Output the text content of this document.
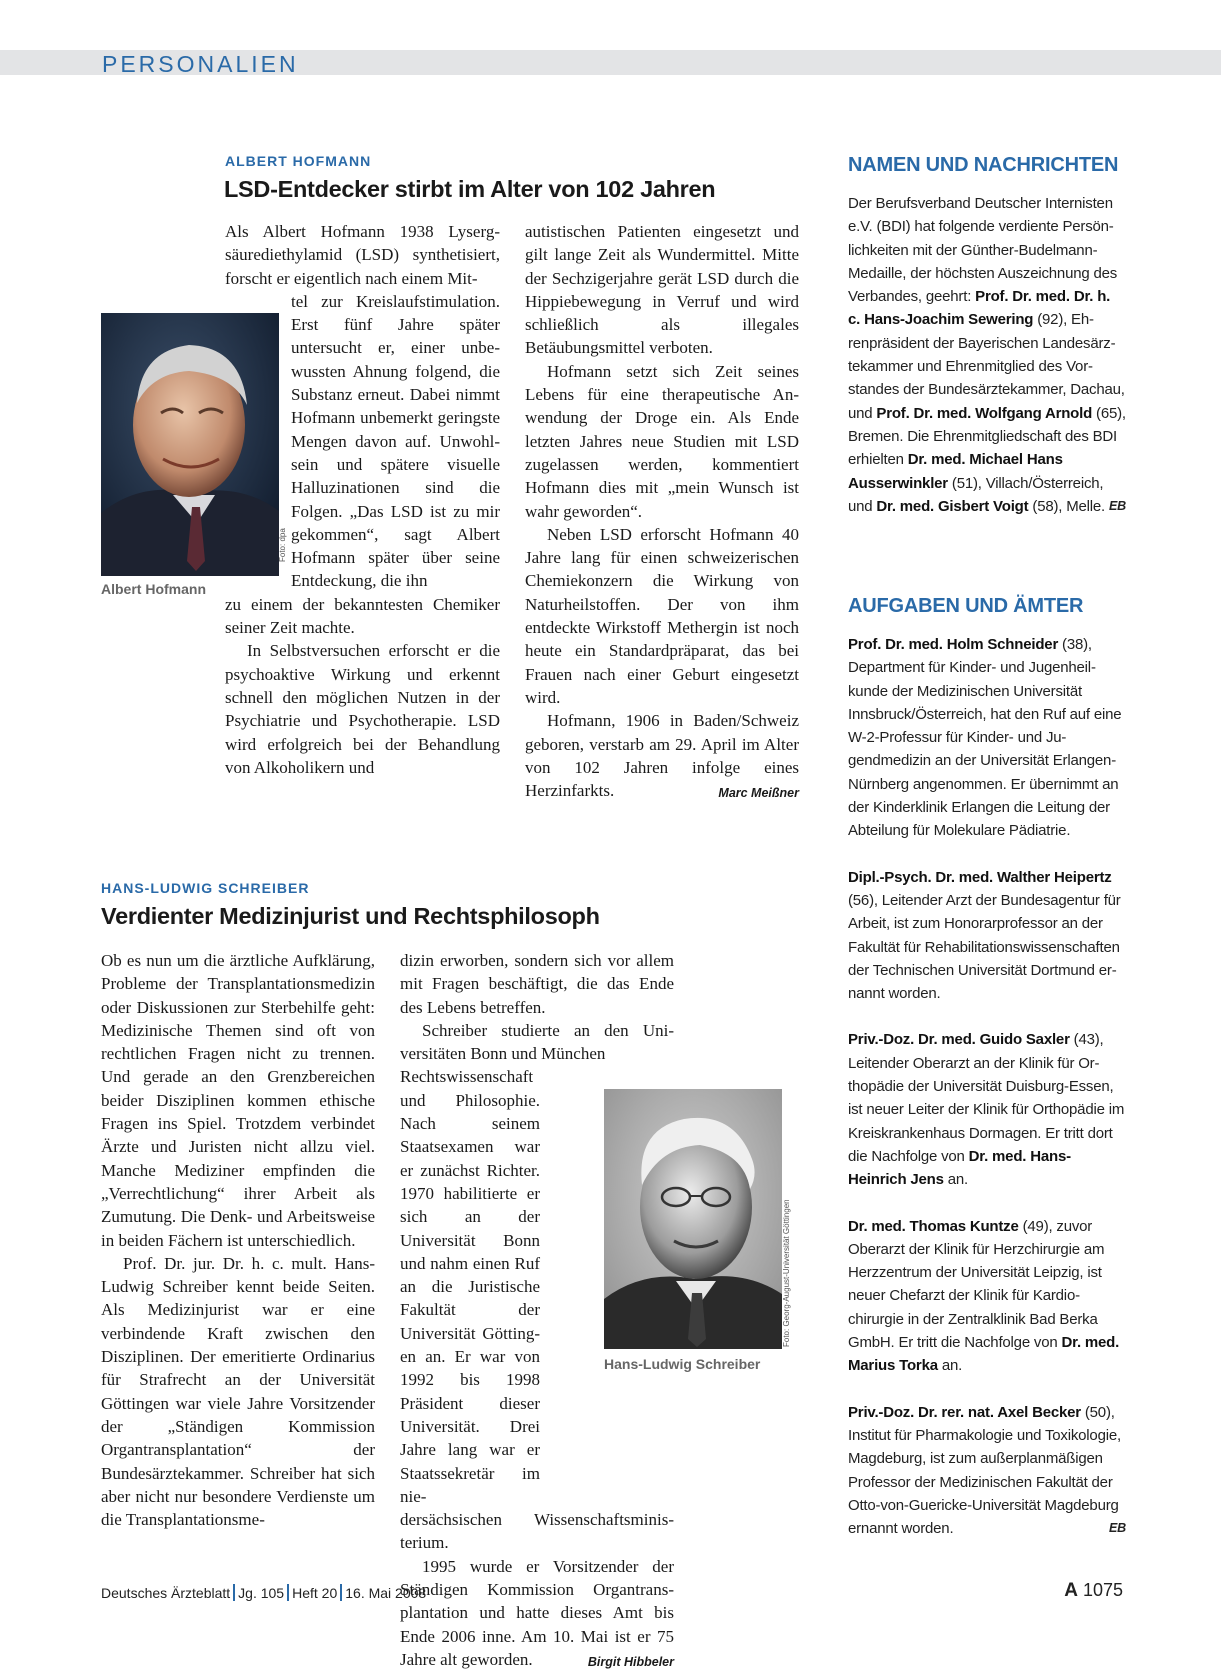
PERSONALIEN
ALBERT HOFMANN
LSD-Entdecker stirbt im Alter von 102 Jahren
Foto: dpa
Albert Hofmann

Als Albert Hofmann 1938 Lysergsäurediethylamid (LSD) synthetisiert, forscht er eigentlich nach einem Mit-

tel zur Kreislaufstimulation. Erst fünf Jahre später untersucht er, einer unbewussten Ahnung folgend, die Substanz erneut. Dabei nimmt Hofmann unbemerkt geringste Mengen davon auf. Unwohlsein und spätere visuelle Halluzinationen sind die Folgen. „Das LSD ist zu mir gekommen“, sagt Albert Hofmann später über seine Entdeckung, die ihn

zu einem der bekanntesten Chemiker seiner Zeit machte.

In Selbstversuchen erforscht er die psychoaktive Wirkung und erkennt schnell den möglichen Nutzen in der Psychiatrie und Psychotherapie. LSD wird erfolgreich bei der Behandlung von Alkoholikern und

autistischen Patienten eingesetzt und gilt lange Zeit als Wundermittel. Mitte der Sechzigerjahre gerät LSD durch die Hippiebewegung in Verruf und wird schließlich als illegales Betäubungsmittel verboten.

Hofmann setzt sich Zeit seines Lebens für eine therapeutische Anwendung der Droge ein. Als Ende letzten Jahres neue Studien mit LSD zugelassen werden, kommentiert Hofmann dies mit „mein Wunsch ist wahr geworden“.

Neben LSD erforscht Hofmann 40 Jahre lang für einen schweizerischen Chemiekonzern die Wirkung von Naturheilstoffen. Der von ihm entdeckte Wirkstoff Methergin ist noch heute ein Standardpräparat, das bei Frauen nach einer Geburt eingesetzt wird.

Hofmann, 1906 in Baden/Schweiz geboren, verstarb am 29. April im Alter von 102 Jahren infolge eines Herzinfarkts.	Marc Meißner

HANS-LUDWIG SCHREIBER
Verdienter Medizinjurist und Rechtsphilosoph

Ob es nun um die ärztliche Aufklärung, Probleme der Transplantationsmedizin oder Diskussionen zur Sterbehilfe geht: Medizinische Themen sind oft von rechtlichen Fragen nicht zu trennen. Und gerade an den Grenzbereichen beider Disziplinen kommen ethische Fragen ins Spiel. Trotzdem verbindet Ärzte und Juristen nicht allzu viel. Manche Mediziner empfinden die „Verrechtlichung“ ihrer Arbeit als Zumutung. Die Denk- und Arbeitsweise in beiden Fächern ist unterschiedlich.

Prof. Dr. jur. Dr. h. c. mult. Hans-Ludwig Schreiber kennt beide Seiten. Als Medizinjurist war er eine verbindende Kraft zwischen den Disziplinen. Der emeritierte Ordinarius für Strafrecht an der Universität Göttingen war viele Jahre Vorsitzender der „Ständigen Kommission Organtransplantation“ der Bundesärztekammer. Schreiber hat sich aber nicht nur besondere Verdienste um die Transplantationsme-

dizin erworben, sondern sich vor allem mit Fragen beschäftigt, die das Ende des Lebens betreffen.

Schreiber studierte an den Universitäten Bonn und München

Rechtswissenschaft und Philosophie. Nach seinem Staatsexamen war er zunächst Richter. 1970 habilitierte er sich an der Universität Bonn und nahm einen Ruf an die Juristische Fakultät der Universität Göttingen an. Er war von 1992 bis 1998 Präsident dieser Universität. Drei Jahre lang war er Staatssekretär im nie-

dersächsischen Wissenschaftsministerium.

1995 wurde er Vorsitzender der Ständigen Kommission Organtransplantation und hatte dieses Amt bis Ende 2006 inne. Am 10. Mai ist er 75 Jahre alt geworden.	Birgit Hibbeler

Foto: Georg-August-Universität Göttingen
Hans-Ludwig Schreiber
NAMEN UND NACHRICHTEN

Der Berufsverband Deutscher Internisten e.V. (BDI) hat folgende verdiente Persönlichkeiten mit der Günther-Budelmann-Medaille, der höchsten Auszeichnung des Verbandes, geehrt: Prof. Dr. med. Dr. h. c. Hans-Joachim Sewering (92), Ehrenpräsident der Bayerischen Landesärztekammer und Ehrenmitglied des Vorstandes der Bundesärztekammer, Dachau, und Prof. Dr. med. Wolfgang Arnold (65), Bremen. Die Ehrenmitgliedschaft des BDI erhielten Dr. med. Michael Hans Ausserwinkler (51), Villach/Österreich, und Dr. med. Gisbert Voigt (58), Melle. EB

AUFGABEN UND ÄMTER

Prof. Dr. med. Holm Schneider (38), Department für Kinder- und Jugenheilkunde der Medizinischen Universität Innsbruck/Österreich, hat den Ruf auf eine W-2-Professur für Kinder- und Jugendmedizin an der Universität Erlangen-Nürnberg angenommen. Er übernimmt an der Kinderklinik Erlangen die Leitung der Abteilung für Molekulare Pädiatrie.

Dipl.-Psych. Dr. med. Walther Heipertz (56), Leitender Arzt der Bundesagentur für Arbeit, ist zum Honorarprofessor an der Fakultät für Rehabilitationswissenschaften der Technischen Universität Dortmund ernannt worden.

Priv.-Doz. Dr. med. Guido Saxler (43), Leitender Oberarzt an der Klinik für Orthopädie der Universität Duisburg-Essen, ist neuer Leiter der Klinik für Orthopädie im Kreiskrankenhaus Dormagen. Er tritt dort die Nachfolge von Dr. med. Hans-Heinrich Jens an.

Dr. med. Thomas Kuntze (49), zuvor Oberarzt der Klinik für Herzchirurgie am Herzzentrum der Universität Leipzig, ist neuer Chefarzt der Klinik für Kardiochirurgie in der Zentralklinik Bad Berka GmbH. Er tritt die Nachfolge von Dr. med. Marius Torka an.

Priv.-Doz. Dr. rer. nat. Axel Becker (50), Institut für Pharmakologie und Toxikologie, Magdeburg, ist zum außerplanmäßigen Professor der Medizinischen Fakultät der Otto-von-Guericke-Universität Magdeburg ernannt worden.	EB

Deutsches Ärzteblatt Jg. 105 Heft 20 16. Mai 2008	A 1075
